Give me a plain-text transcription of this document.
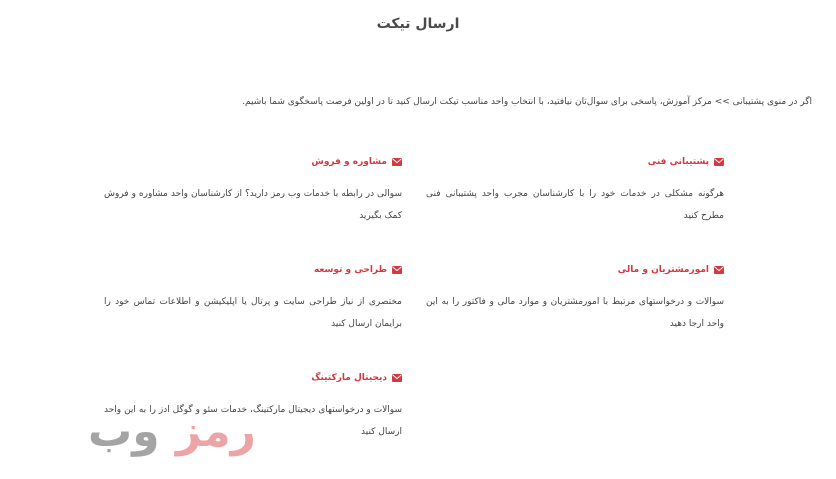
ارسال تیکت

اگر در منوی پشتیبانی >> مرکز آموزش، پاسخی برای سوال‌تان نیافتید، با انتخاب واحد مناسب تیکت ارسال کنید تا در اولین فرصت پاسخگوی شما باشیم.

پشتیبانی فنی
هرگونه مشکلی در خدمات خود را با کارشناسان مجرب واحد پشتیبانی فنی مطرح کنید
مشاوره و فروش
سوالی در رابطه با خدمات وب رمز دارید؟ از کارشناسان واحد مشاوره و فروش کمک بگیرید
امورمشتریان و مالی
سوالات و درخواستهای مرتبط با امورمشتریان و موارد مالی و فاکتور را به این واحد ارجا دهید
طراحی و توسعه
مختصری از نیاز طراحی سایت و پرتال یا اپلیکیشن و اطلاعات تماس خود را برایمان ارسال کنید
دیجیتال مارکتینگ
سوالات و درخواستهای دیجیتال مارکتینگ، خدمات سئو و گوگل ادز را به این واحد ارسال کنید
رمز
وب
